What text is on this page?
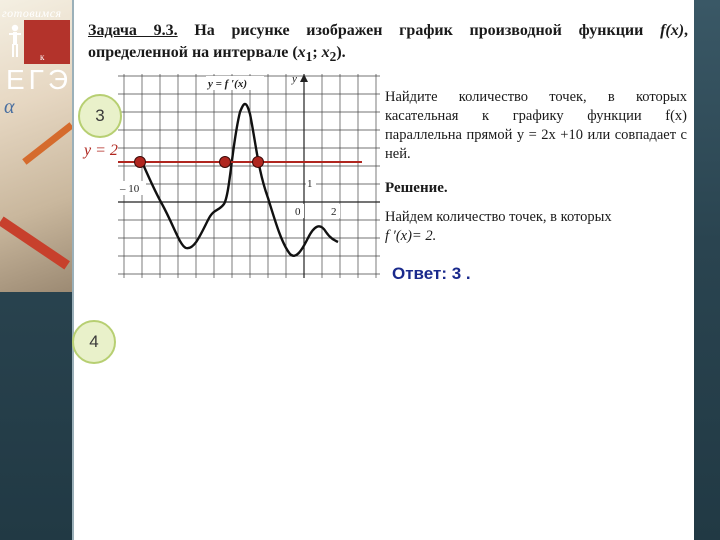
готовимся
ЕГЭ
α
к
Задача 9.3. На рисунке изображен график производной функции f(x), определенной на интервале ($x_1$; $x_2$).
y
y = f ′(x)
– 10
0	2
1
y = 2
3
4
Найдите количество точек, в которых касательная к графику функции f(x) параллельна прямой y = 2x +10 или совпадает с ней.
Решение.
Найдем количество точек, в которых
f ′(x)= 2.
Ответ: 3 .
